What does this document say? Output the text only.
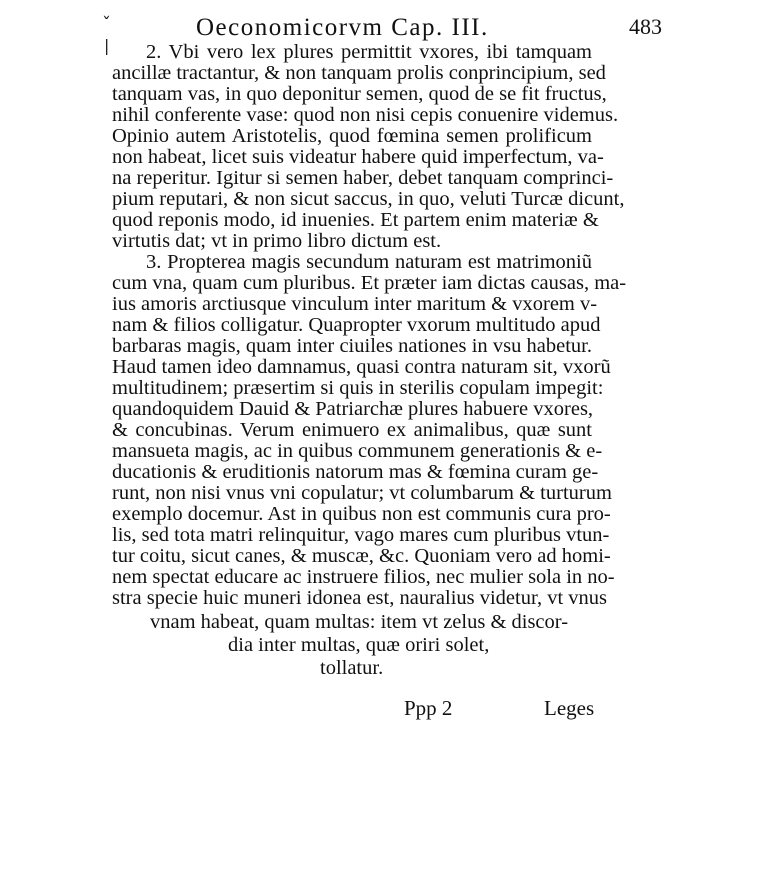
ˇ	Oeconomicorvm Cap. III.	483
|	2. Vbi vero lex plures permittit vxores, ibi tamquam
ancillæ tractantur, & non tanquam prolis conprincipium, sed
tanquam vas, in quo deponitur semen, quod de se fit fructus,
nihil conferente vase: quod non nisi cepis conuenire videmus.
Opinio autem Aristotelis, quod fœmina semen prolificum
non habeat, licet suis videatur habere quid imperfectum, va-
na reperitur. Igitur si semen haber, debet tanquam comprinci-
pium reputari, & non sicut saccus, in quo, veluti Turcæ dicunt,
quod reponis modo, id inuenies. Et partem enim materiæ &
virtutis dat; vt in primo libro dictum est.
3. Propterea magis secundum naturam est matrimoniũ
cum vna, quam cum pluribus. Et præter iam dictas causas, ma-
ius amoris arctiusque vinculum inter maritum & vxorem v-
nam & filios colligatur. Quapropter vxorum multitudo apud
barbaras magis, quam inter ciuiles nationes in vsu habetur.
Haud tamen ideo damnamus, quasi contra naturam sit, vxorũ
multitudinem; præsertim si quis in sterilis copulam impegit:
quandoquidem Dauid & Patriarchæ plures habuere vxores,
& concubinas. Verum enimuero ex animalibus, quæ sunt
mansueta magis, ac in quibus communem generationis & e-
ducationis & eruditionis natorum mas & fœmina curam ge-
runt, non nisi vnus vni copulatur; vt columbarum & turturum
exemplo docemur. Ast in quibus non est communis cura pro-
lis, sed tota matri relinquitur, vago mares cum pluribus vtun-
tur coitu, sicut canes, & muscæ, &c. Quoniam vero ad homi-
nem spectat educare ac instruere filios, nec mulier sola in no-
stra specie huic muneri idonea est, nauralius videtur, vt vnus
vnam habeat, quam multas: item vt zelus & discor-
dia inter multas, quæ oriri solet,
tollatur.
Ppp 2	Leges
